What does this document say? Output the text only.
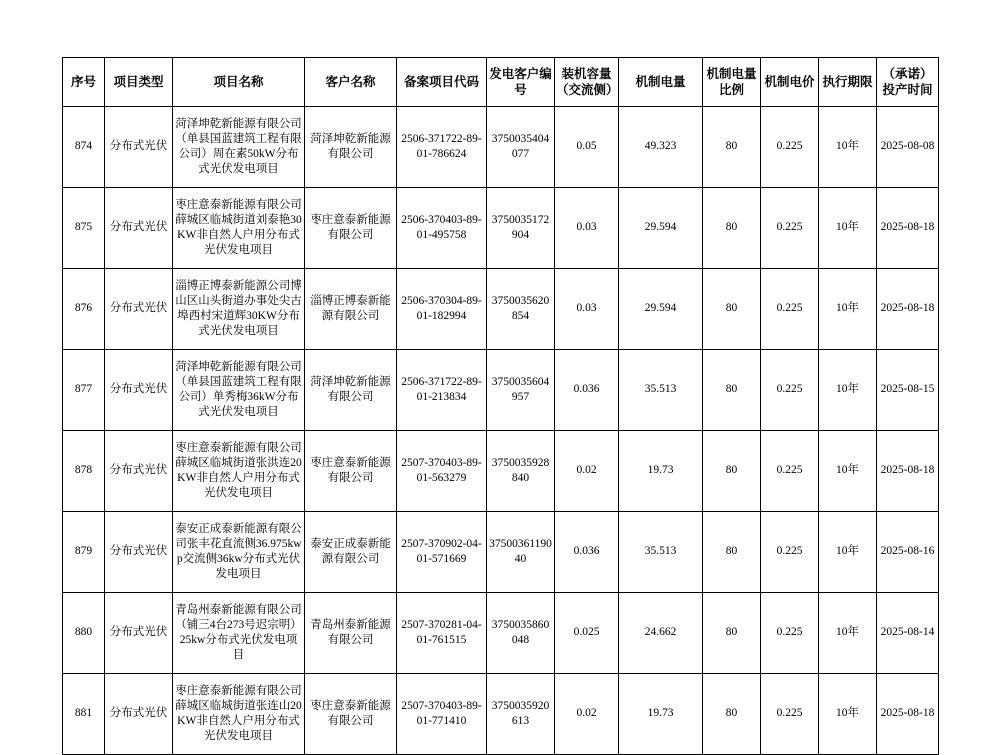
序号	项目类型	项目名称	客户名称	备案项目代码	发电客户编号	装机容量（交流侧）	机制电量	机制电量比例	机制电价	执行期限	（承诺）投产时间
874	分布式光伏	菏泽坤乾新能源有限公司（单县国蓝建筑工程有限公司）周在素50kW分布式光伏发电项目	菏泽坤乾新能源有限公司	2506-371722-89-01-786624	3750035404077	0.05	49.323	80	0.225	10年	2025-08-08
875	分布式光伏	枣庄意泰新能源有限公司薛城区临城街道刘泰艳30KW非自然人户用分布式光伏发电项目	枣庄意泰新能源有限公司	2506-370403-89-01-495758	3750035172904	0.03	29.594	80	0.225	10年	2025-08-18
876	分布式光伏	淄博正博泰新能源公司博山区山头街道办事处尖古埠西村宋道辉30KW分布式光伏发电项目	淄博正博泰新能源有限公司	2506-370304-89-01-182994	3750035620854	0.03	29.594	80	0.225	10年	2025-08-18
877	分布式光伏	菏泽坤乾新能源有限公司（单县国蓝建筑工程有限公司）单秀梅36kW分布式光伏发电项目	菏泽坤乾新能源有限公司	2506-371722-89-01-213834	3750035604957	0.036	35.513	80	0.225	10年	2025-08-15
878	分布式光伏	枣庄意泰新能源有限公司薛城区临城街道张洪连20KW非自然人户用分布式光伏发电项目	枣庄意泰新能源有限公司	2507-370403-89-01-563279	3750035928840	0.02	19.73	80	0.225	10年	2025-08-18
879	分布式光伏	泰安正成泰新能源有限公司张丰花直流侧36.975kwp交流侧36kw分布式光伏发电项目	泰安正成泰新能源有限公司	2507-370902-04-01-571669	3750036119040	0.036	35.513	80	0.225	10年	2025-08-16
880	分布式光伏	青岛州泰新能源有限公司（铺三4台273号迟宗明）25kw分布式光伏发电项目	青岛州泰新能源有限公司	2507-370281-04-01-761515	3750035860048	0.025	24.662	80	0.225	10年	2025-08-14
881	分布式光伏	枣庄意泰新能源有限公司薛城区临城街道张连山20KW非自然人户用分布式光伏发电项目	枣庄意泰新能源有限公司	2507-370403-89-01-771410	3750035920613	0.02	19.73	80	0.225	10年	2025-08-18
